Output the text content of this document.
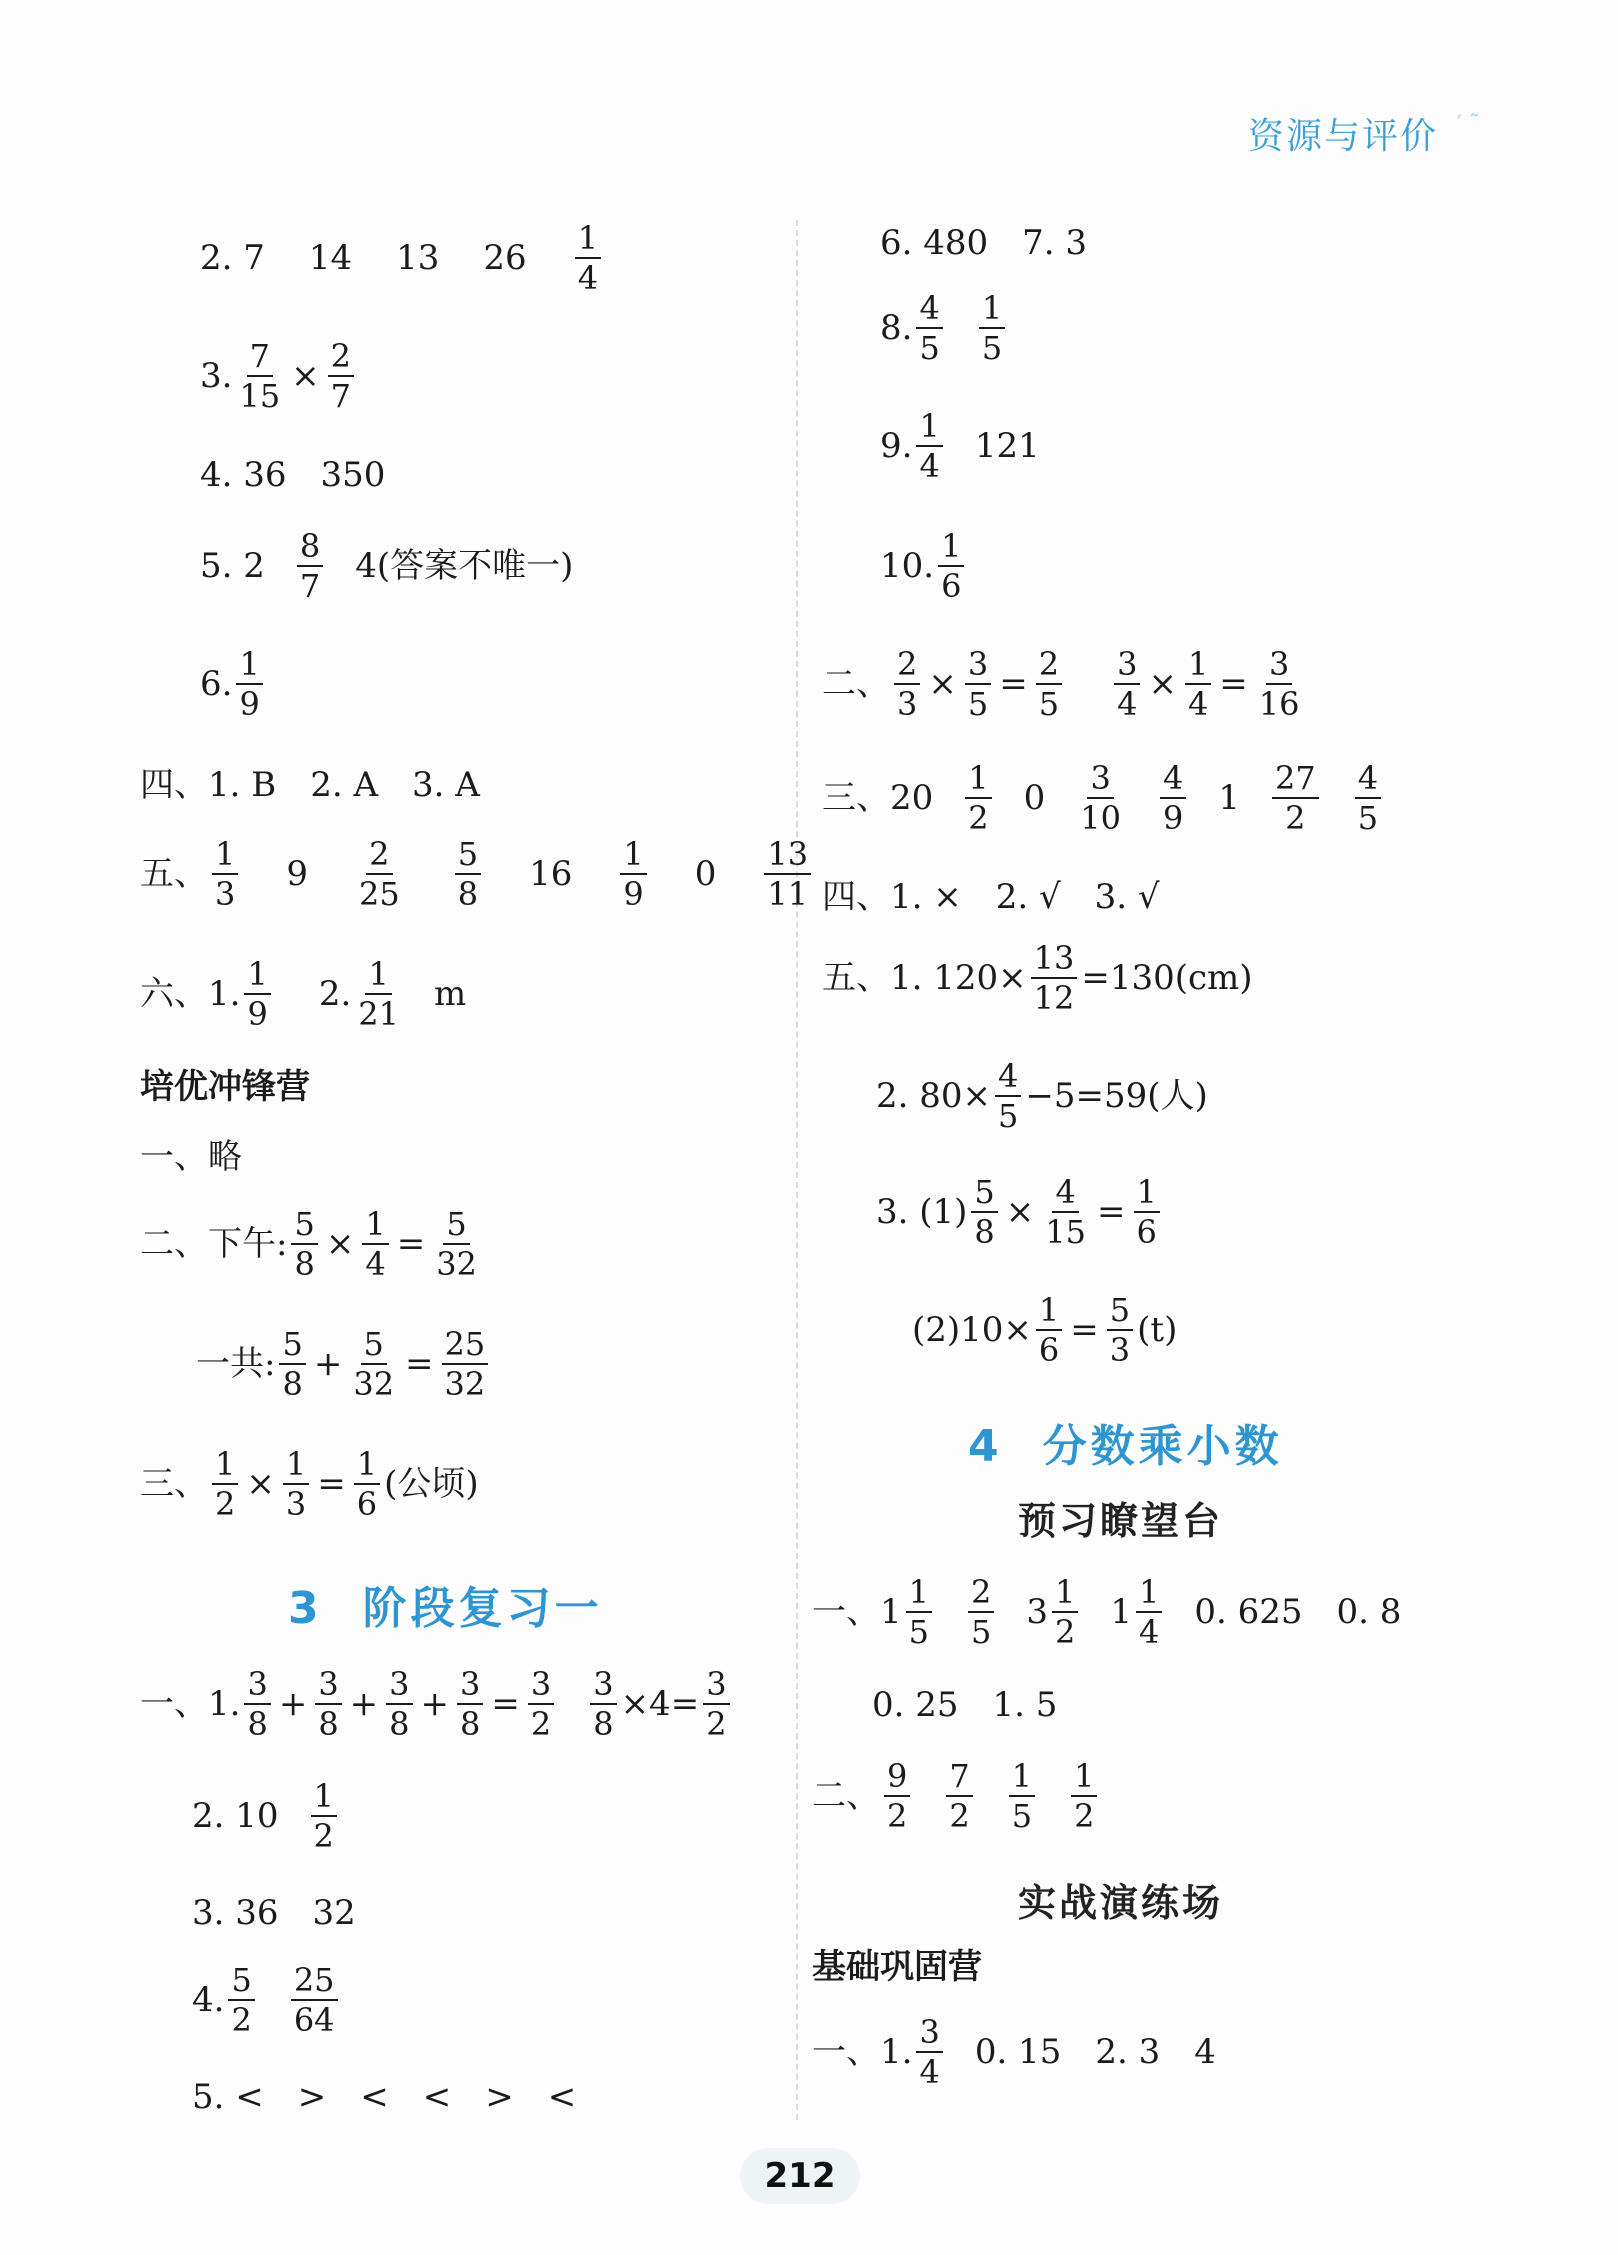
资源与评价 ′ ˜
2. 7 14 13 $26 \frac{1}{4}$
3. $\frac{7}{15} \times \frac{2}{7}$
4. 36　350
5. $2 \frac{8}{7} 4$(答案不唯一)
6. $\frac{1}{9}$
四、1. B　2. A　3. A
五、 $\frac{1}{3} 9 \frac{2}{25} \frac{5}{8} 16 \frac{1}{9} 0 \frac{13}{11}$
六、1. $\frac{1}{9} 2$. $\frac{1}{21}$ m
培优冲锋营
一、略
二、下午: $\frac{5}{8} \times \frac{1}{4} = \frac{5}{32}$
一共: $\frac{5}{8} + \frac{5}{32} = \frac{25}{32}$
三、 $\frac{1}{2} \times \frac{1}{3} = \frac{1}{6}$ (公顷)
3 阶段复习一
一、1. $\frac{3}{8} + \frac{3}{8} + \frac{3}{8} + \frac{3}{8} = \frac{3}{2} \frac{3}{8} \times 4= \frac{3}{2}$
2. $10 \frac{1}{2}$
3. 36　32
4. $\frac{5}{2} \frac{25}{64}$
5. <　>　<　<　>　<
6. 480　7. 3
8. $\frac{4}{5} \frac{1}{5}$
9. $\frac{1}{4} 121$
10. $\frac{1}{6}$
二、 $\frac{2}{3} \times \frac{3}{5} = \frac{2}{5} \frac{3}{4} \times \frac{1}{4} = \frac{3}{16}$
三、$20 \frac{1}{2} 0 \frac{3}{10} \frac{4}{9} 1 \frac{27}{2} \frac{4}{5}$
四、1. ×　2. √　3. √
五、1. $120\times \frac{13}{12} =130(cm)$
2. $80\times \frac{4}{5} -5=59$(人)
3. $(1) \frac{5}{8} \times \frac{4}{15} = \frac{1}{6}$
$(2)10\times \frac{1}{6} = \frac{5}{3} (t)$
4 分数乘小数
预习瞭望台
一、$1 \frac{1}{5} \frac{2}{5} 3 \frac{1}{2} 1 \frac{1}{4} 0$. 625　0. 8
0. 25　1. 5
二、 $\frac{9}{2} \frac{7}{2} \frac{1}{5} \frac{1}{2}$
实战演练场
基础巩固营
一、1. $\frac{3}{4} 0$. 15　2. 3　4
212
